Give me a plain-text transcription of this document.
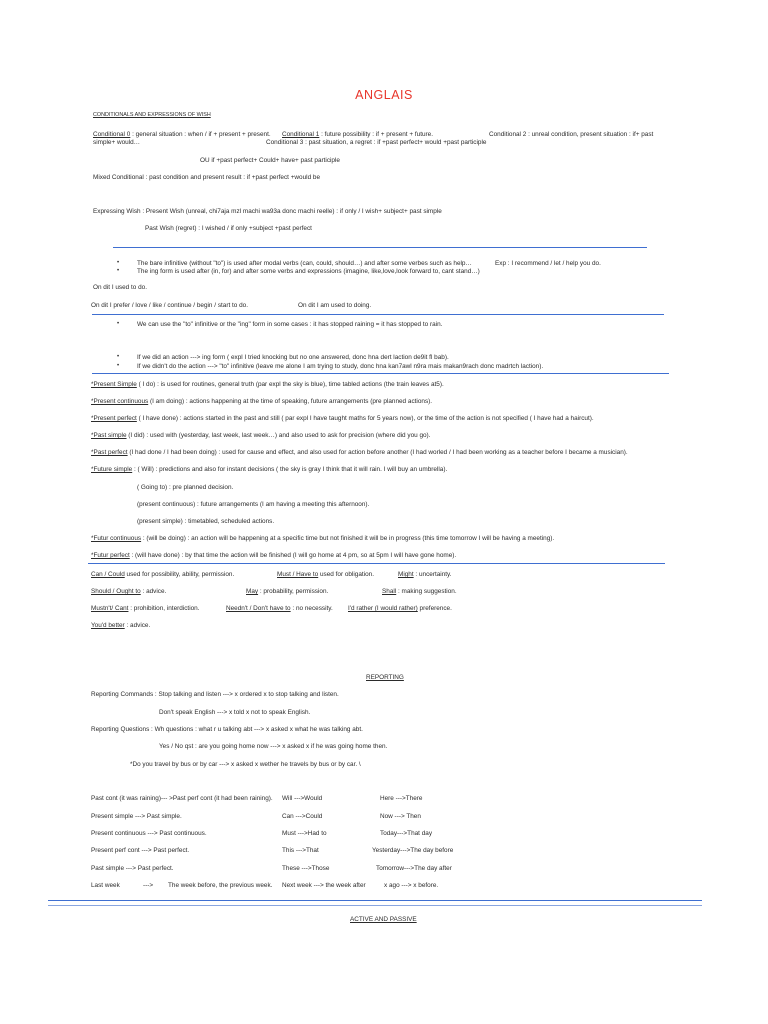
ANGLAIS
CONDITIONALS AND EXPRESSIONS OF WISH
Conditional 0 : general situation : when / if + present + present. Conditional 1 : future possibility : if + present + future.	Conditional 2 : unreal condition, present situation : if+ past
simple+ would…	Conditional 3 : past situation, a regret : if +past perfect+ would +past participle
OU if +past perfect+ Could+ have+ past participle
Mixed Conditional : past condition and present result : if +past perfect +would be
Expressing Wish : Present Wish (unreal, chi7aja mzl machi wa93a donc machi reelle) : if only / I wish+ subject+ past simple
Past Wish (regret) : I wished / if only +subject +past perfect
•	The bare infinitive (without "to") is used after modal verbs (can, could, should…) and after some verbes such as help…	Exp : I recommend / let / help you do.
•	The ing form is used after (in, for) and after some verbs and expressions (imagine, like,love,look forward to, cant stand…)
On dit I used to do.
On dit I prefer / love / like / continue / begin / start to do.	On dit I am used to doing.
•	We can use the "to" infinitive or the "ing" form in some cases : it has stopped raining = it has stopped to rain.
•	If we did an action ---> ing form ( expl I tried knocking but no one answered, donc hna dert laction de9it fl bab).
•	If we didn't do the action ---> "to" infinitive (leave me alone I am trying to study, donc hna kan7awl n9ra mais makan9rach donc madrtch laction).
*Present Simple ( I do) : is used for routines, general truth (par expl the sky is blue), time tabled actions (the train leaves at5).
*Present continuous (I am doing) : actions happening at the time of speaking, future arrangements (pre planned actions).
*Present perfect ( I have done) : actions started in the past and still ( par expl I have taught maths for 5 years now), or the time of the action is not specified ( I have had a haircut).
*Past simple (I did) : used with (yesterday, last week, last week…) and also used to ask for precision (where did you go).
*Past perfect (I had done / I had been doing) : used for cause and effect, and also used for action before another (I had worled / I had been working as a teacher before I became a musician).
*Future simple : ( Will) : predictions and also for instant decisions ( the sky is gray I think that it will rain. I will buy an umbrella).
( Going to) : pre planned decision.
(present continuous) : future arrangements (I am having a meeting this afternoon).
(present simple) : timetabled, scheduled actions.
*Futur continuous : (will be doing) : an action will be happening at a specific time but not finished it will be in progress (this time tomorrow I will be having a meeting).
*Futur perfect : (will have done) : by that time the action will be finished (I will go home at 4 pm, so at 5pm I will have gone home).
Can / Could used for possibility, ability, permission.	Must / Have to used for obligation.	Might : uncertainty.
Should / Ought to : advice.	May : probability, permission.	Shall : making suggestion.
Mustn't/ Cant : prohibition, interdiction.	Needn't / Don't have to : no necessity. I'd rather (I would rather) preference.
You'd better : advice.
REPORTING
Reporting Commands : Stop talking and listen ---> x ordered x to stop talking and listen.
Don't speak English ---> x told x not to speak English.
Reporting Questions : Wh questions : what r u talking abt ---> x asked x what he was talking abt.
Yes / No qst : are you going home now ---> x asked x if he was going home then.
*Do you travel by bus or by car ---> x asked x wether he travels by bus or by car. \
Past cont (it was raining)--- >Past perf cont (it had been raining). Will --->Would	Here --->There
Present simple ---> Past simple.	Can --->Could	Now ---> Then
Present continuous ---> Past continuous.	Must --->Had to	Today--->That day
Present perf cont ---> Past perfect.	This --->That	Yesterday--->The day before
Past simple ---> Past perfect.	These --->Those	Tomorrow--->The day after
Last week	---> The week before, the previous week. Next week ---> the week after	x ago ---> x before.
ACTIVE AND PASSIVE
